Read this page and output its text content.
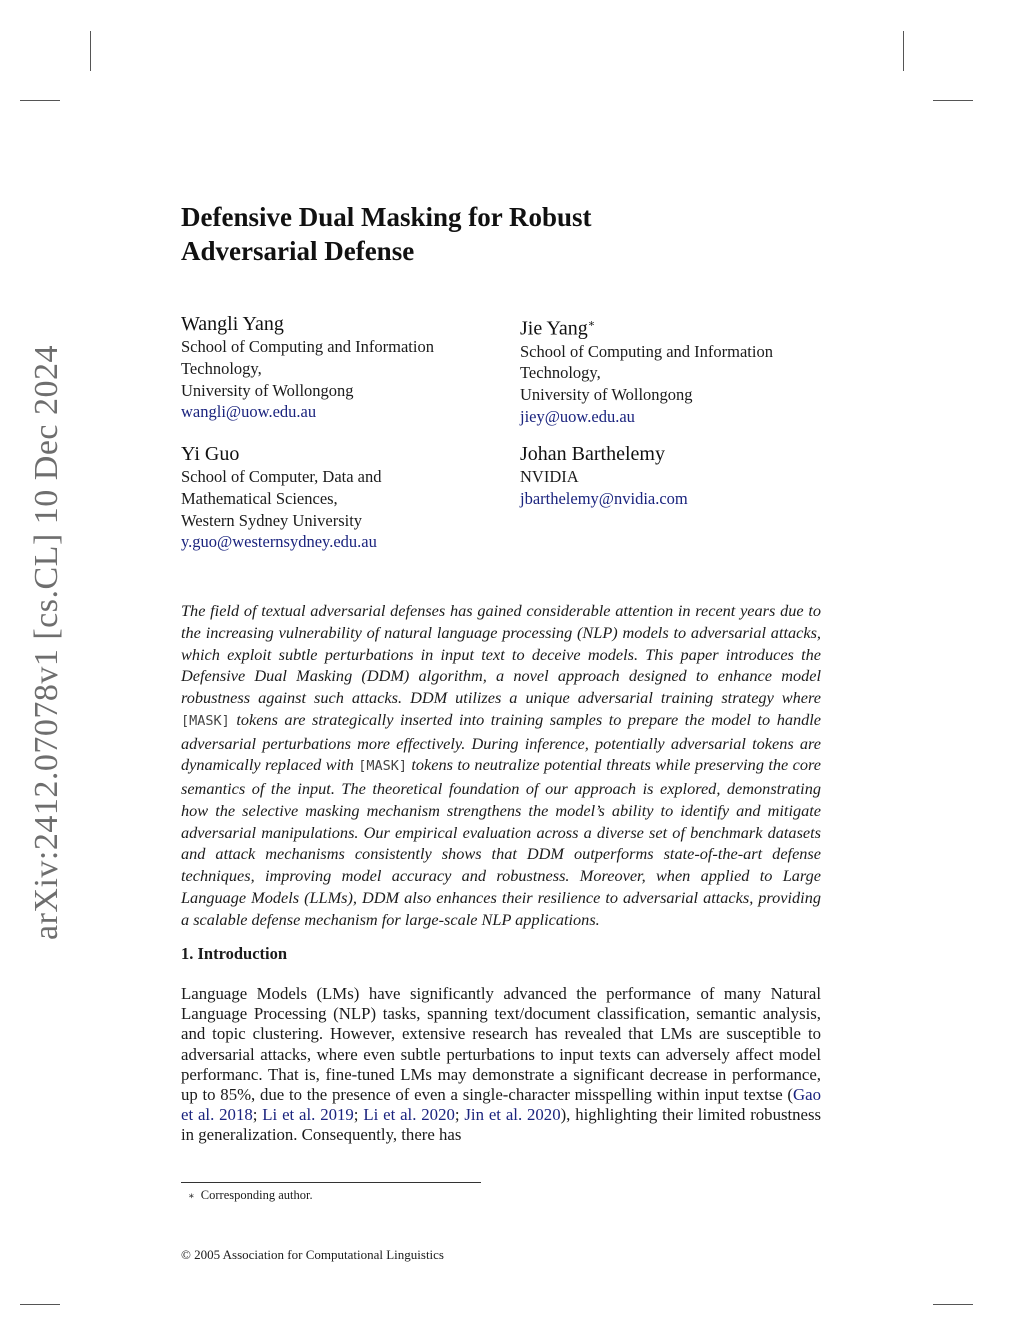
arXiv:2412.07078v1 [cs.CL] 10 Dec 2024
Defensive Dual Masking for Robust
Adversarial Defense
Wangli Yang
School of Computing and Information
Technology,
University of Wollongong
wangli@uow.edu.au
Jie Yang∗
School of Computing and Information
Technology,
University of Wollongong
jiey@uow.edu.au
Yi Guo
School of Computer, Data and
Mathematical Sciences,
Western Sydney University
y.guo@westernsydney.edu.au
Johan Barthelemy
NVIDIA
jbarthelemy@nvidia.com
The field of textual adversarial defenses has gained considerable attention in recent years due to the increasing vulnerability of natural language processing (NLP) models to adversarial attacks, which exploit subtle perturbations in input text to deceive models. This paper introduces the Defensive Dual Masking (DDM) algorithm, a novel approach designed to enhance model robustness against such attacks. DDM utilizes a unique adversarial training strategy where [MASK] tokens are strategically inserted into training samples to prepare the model to handle adversarial perturbations more effectively. During inference, potentially adversarial tokens are dynamically replaced with [MASK] tokens to neutralize potential threats while preserving the core semantics of the input. The theoretical foundation of our approach is explored, demonstrating how the selective masking mechanism strengthens the model’s ability to identify and mitigate adversarial manipulations. Our empirical evaluation across a diverse set of benchmark datasets and attack mechanisms consistently shows that DDM outperforms state-of-the-art defense techniques, improving model accuracy and robustness. Moreover, when applied to Large Language Models (LLMs), DDM also enhances their resilience to adversarial attacks, providing a scalable defense mechanism for large-scale NLP applications.
1. Introduction
Language Models (LMs) have significantly advanced the performance of many Natural Language Processing (NLP) tasks, spanning text/document classification, semantic analysis, and topic clustering. However, extensive research has revealed that LMs are susceptible to adversarial attacks, where even subtle perturbations to input texts can adversely affect model performanc. That is, fine-tuned LMs may demonstrate a significant decrease in performance, up to 85%, due to the presence of even a single-character misspelling within input textse (Gao et al. 2018; Li et al. 2019; Li et al. 2020; Jin et al. 2020), highlighting their limited robustness in generalization. Consequently, there has
∗ Corresponding author.
© 2005 Association for Computational Linguistics
